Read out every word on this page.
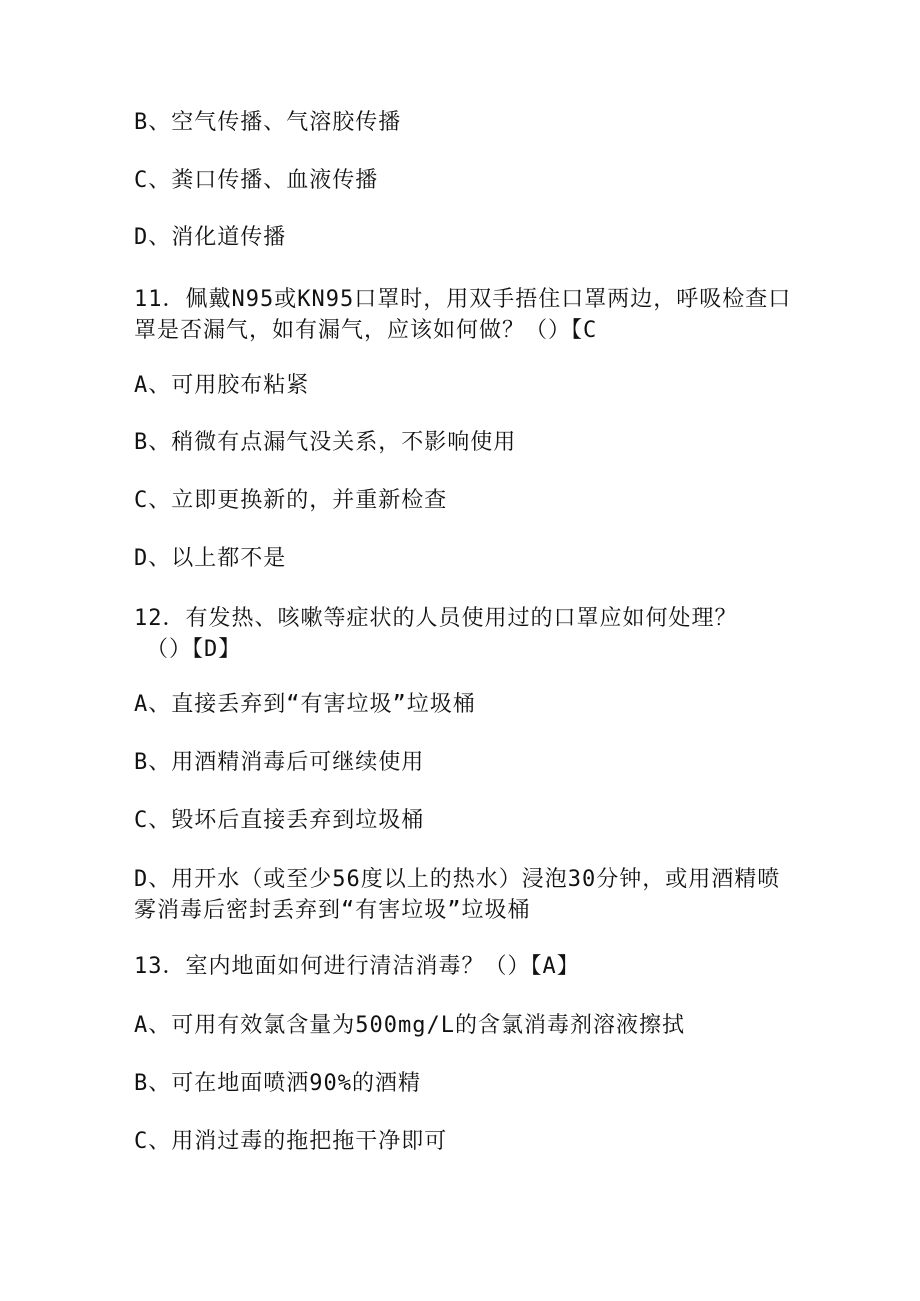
B、空气传播、气溶胶传播
C、粪口传播、血液传播
D、消化道传播
11．佩戴N95或KN95口罩时，用双手捂住口罩两边，呼吸检查口
罩是否漏气，如有漏气，应该如何做？（）【C
A、可用胶布粘紧
B、稍微有点漏气没关系，不影响使用
C、立即更换新的，并重新检查
D、以上都不是
12．有发热、咳嗽等症状的人员使用过的口罩应如何处理？
（）【D】
A、直接丢弃到“有害垃圾”垃圾桶
B、用酒精消毒后可继续使用
C、毁坏后直接丢弃到垃圾桶
D、用开水（或至少56度以上的热水）浸泡30分钟，或用酒精喷
雾消毒后密封丢弃到“有害垃圾”垃圾桶
13．室内地面如何进行清洁消毒？（）【A】
A、可用有效氯含量为500mg/L的含氯消毒剂溶液擦拭
B、可在地面喷洒90%的酒精
C、用消过毒的拖把拖干净即可
